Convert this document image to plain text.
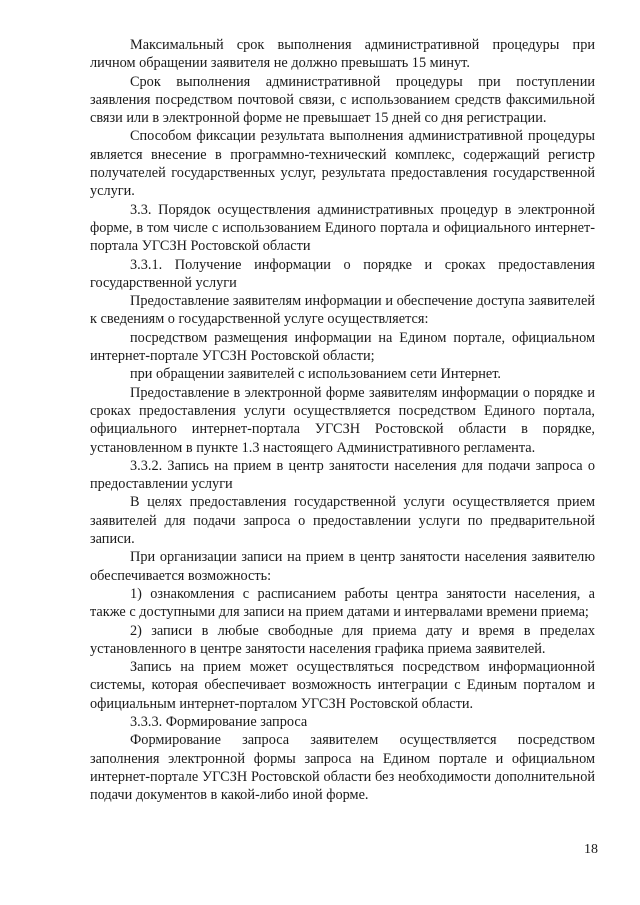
Максимальный срок выполнения административной процедуры при личном обращении заявителя не должно превышать 15 минут.

Срок выполнения административной процедуры при поступлении заявления посредством почтовой связи, с использованием средств факсимильной связи или в электронной форме не превышает 15 дней со дня регистрации.

Способом фиксации результата выполнения административной процедуры является внесение в программно-технический комплекс, содержащий регистр получателей государственных услуг, результата предоставления государственной услуги.

3.3. Порядок осуществления административных процедур в электронной форме, в том числе с использованием Единого портала и официального интернет-портала УГСЗН Ростовской области

3.3.1. Получение информации о порядке и сроках предоставления государственной услуги

Предоставление заявителям информации и обеспечение доступа заявителей к сведениям о государственной услуге осуществляется:

посредством размещения информации на Едином портале, официальном интернет-портале УГСЗН Ростовской области;

при обращении заявителей с использованием сети Интернет.

Предоставление в электронной форме заявителям информации о порядке и сроках предоставления услуги осуществляется посредством Единого портала, официального интернет-портала УГСЗН Ростовской области в порядке, установленном в пункте 1.3 настоящего Административного регламента.

3.3.2. Запись на прием в центр занятости населения для подачи запроса о предоставлении услуги

В целях предоставления государственной услуги осуществляется прием заявителей для подачи запроса о предоставлении услуги по предварительной записи.

При организации записи на прием в центр занятости населения заявителю обеспечивается возможность:

1) ознакомления с расписанием работы центра занятости населения, а также с доступными для записи на прием датами и интервалами времени приема;

2) записи в любые свободные для приема дату и время в пределах установленного в центре занятости населения графика приема заявителей.

Запись на прием может осуществляться посредством информационной системы, которая обеспечивает возможность интеграции с Единым порталом и официальным интернет-порталом УГСЗН Ростовской области.

3.3.3. Формирование запроса

Формирование запроса заявителем осуществляется посредством заполнения электронной формы запроса на Едином портале и официальном интернет-портале УГСЗН Ростовской области без необходимости дополнительной подачи документов в какой-либо иной форме.

18
